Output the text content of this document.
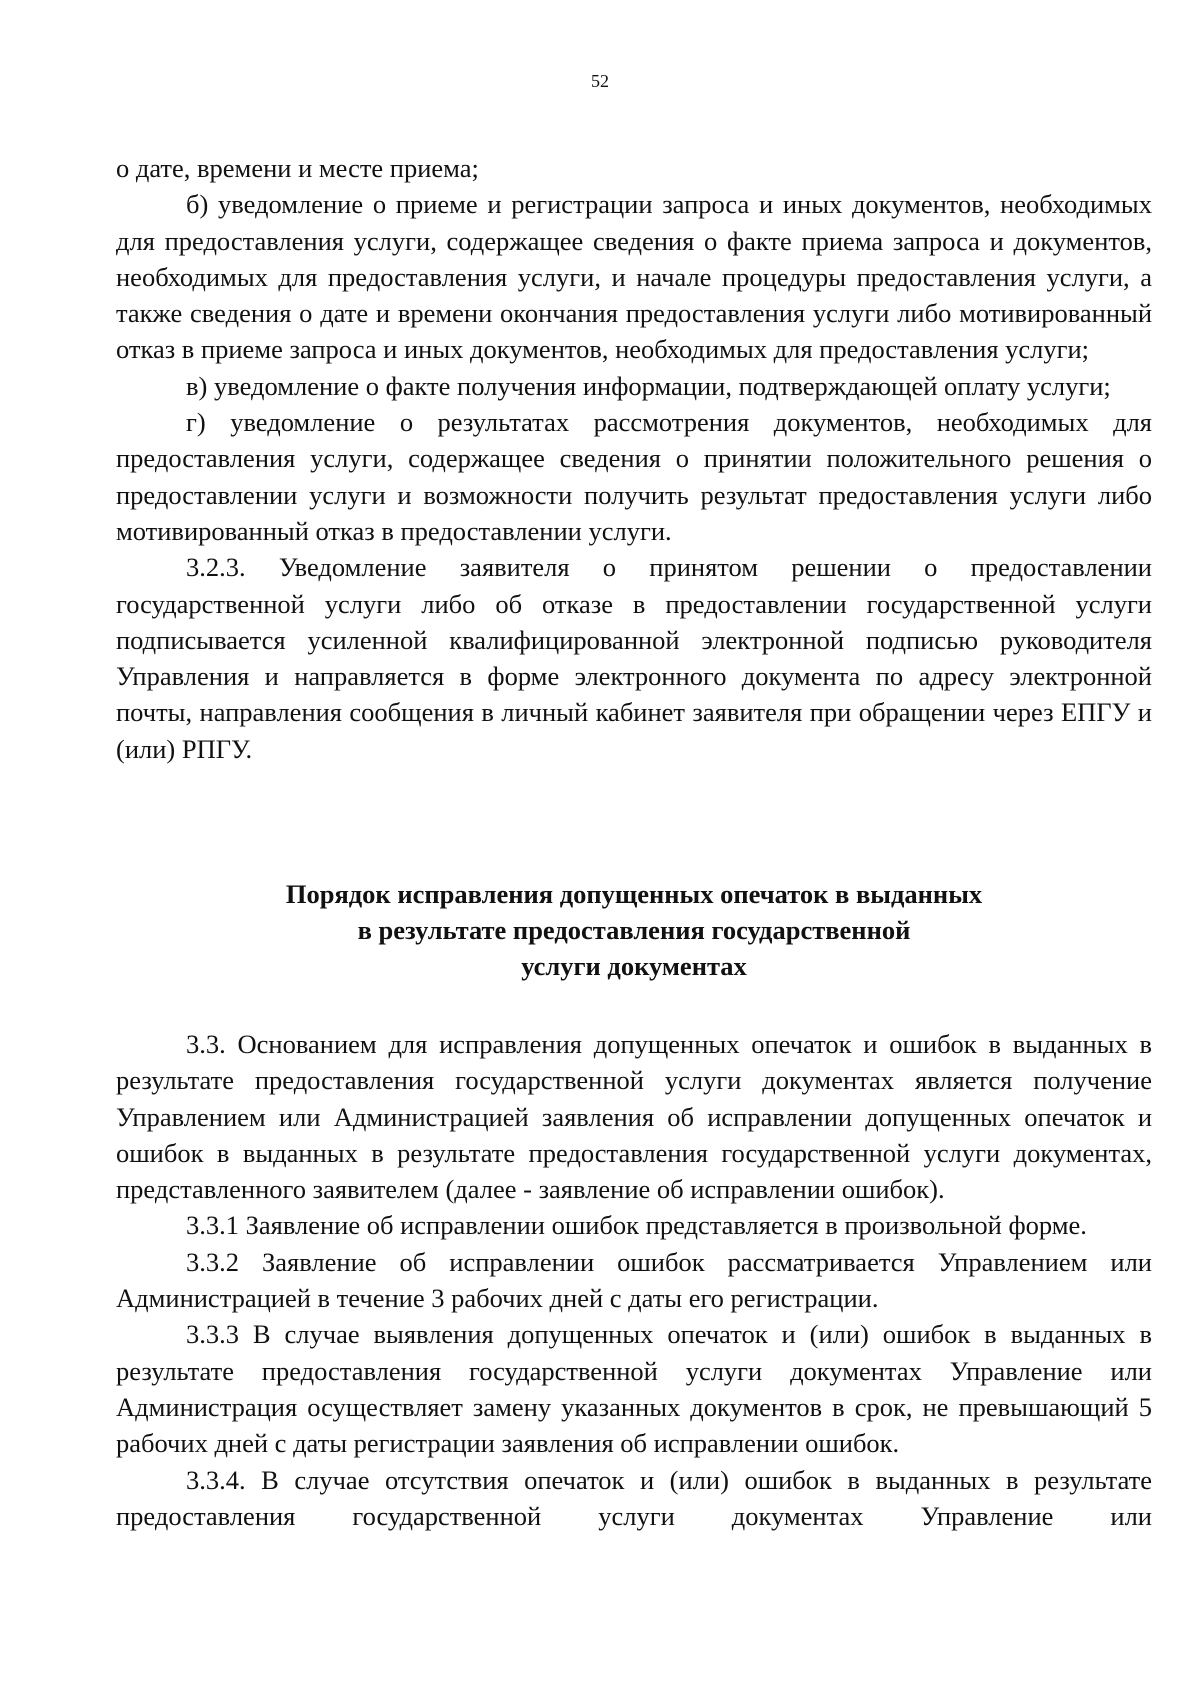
52

о дате, времени и месте приема;

б) уведомление о приеме и регистрации запроса и иных документов, необходимых для предоставления услуги, содержащее сведения о факте приема запроса и документов, необходимых для предоставления услуги, и начале процедуры предоставления услуги, а также сведения о дате и времени окончания предоставления услуги либо мотивированный отказ в приеме запроса и иных документов, необходимых для предоставления услуги;

в) уведомление о факте получения информации, подтверждающей оплату услуги;

г) уведомление о результатах рассмотрения документов, необходимых для предоставления услуги, содержащее сведения о принятии положительного решения о предоставлении услуги и возможности получить результат предоставления услуги либо мотивированный отказ в предоставлении услуги.

3.2.3. Уведомление заявителя о принятом решении о предоставлении государственной услуги либо об отказе в предоставлении государственной услуги подписывается усиленной квалифицированной электронной подписью руководителя Управления и направляется в форме электронного документа по адресу электронной почты, направления сообщения в личный кабинет заявителя при обращении через ЕПГУ и (или) РПГУ.

Порядок исправления допущенных опечаток в выданных
в результате предоставления государственной
услуги документах

3.3. Основанием для исправления допущенных опечаток и ошибок в выданных в результате предоставления государственной услуги документах является получение Управлением или Администрацией заявления об исправлении допущенных опечаток и ошибок в выданных в результате предоставления государственной услуги документах, представленного заявителем (далее - заявление об исправлении ошибок).

3.3.1 Заявление об исправлении ошибок представляется в произвольной форме.

3.3.2 Заявление об исправлении ошибок рассматривается Управлением или Администрацией в течение 3 рабочих дней с даты его регистрации.

3.3.3 В случае выявления допущенных опечаток и (или) ошибок в выданных в результате предоставления государственной услуги документах Управление или Администрация осуществляет замену указанных документов в срок, не превышающий 5 рабочих дней с даты регистрации заявления об исправлении ошибок.

3.3.4. В случае отсутствия опечаток и (или) ошибок в выданных в результате предоставления государственной услуги документах Управление или
